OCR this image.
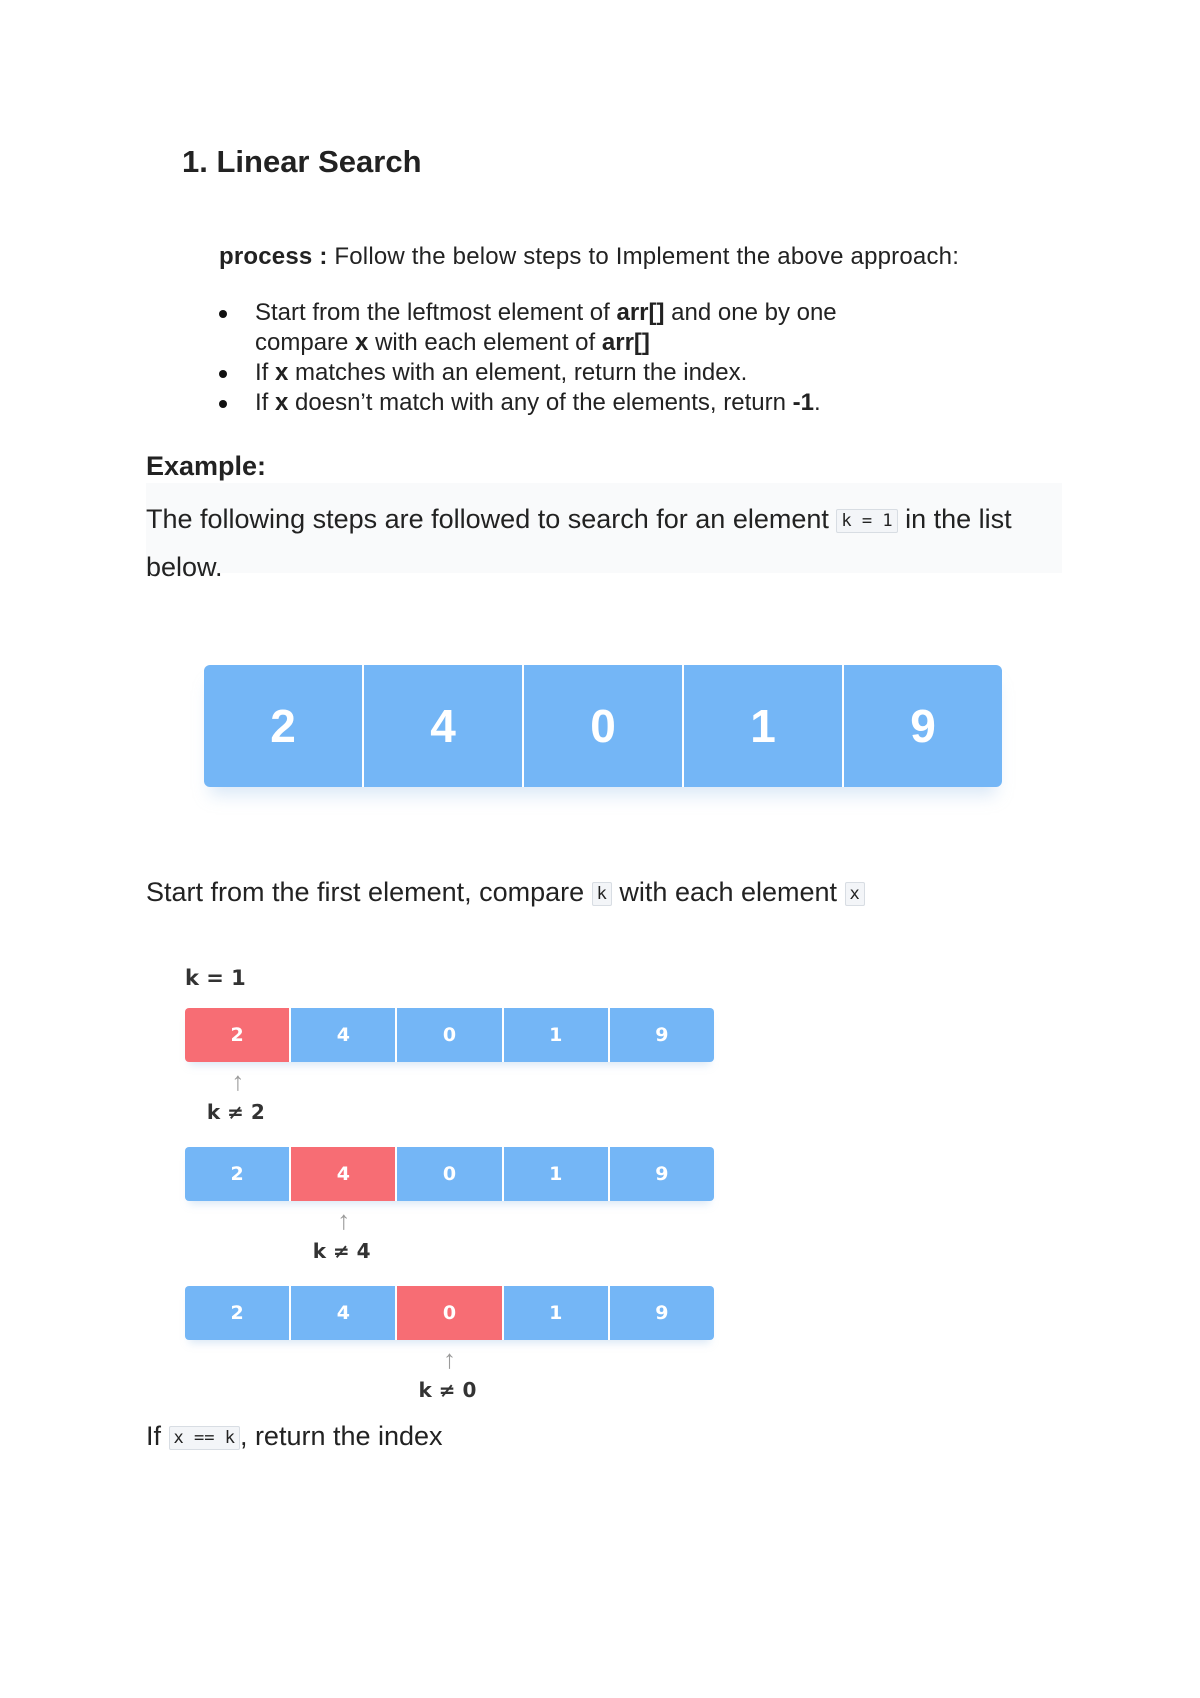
1. Linear Search
process : Follow the below steps to Implement the above approach:
Start from the leftmost element of arr[] and one by one
compare x with each element of arr[]
If x matches with an element, return the index.
If x doesn’t match with any of the elements, return -1.
Example:
The following steps are followed to search for an element k = 1 in the list below.
2	4	0	1	9
Start from the first element, compare k with each element x
k = 1
2	4	0	1	9
↑
k ≠ 2
2	4	0	1	9
↑
k ≠ 4
2	4	0	1	9
↑
k ≠ 0
If x == k , return the index
